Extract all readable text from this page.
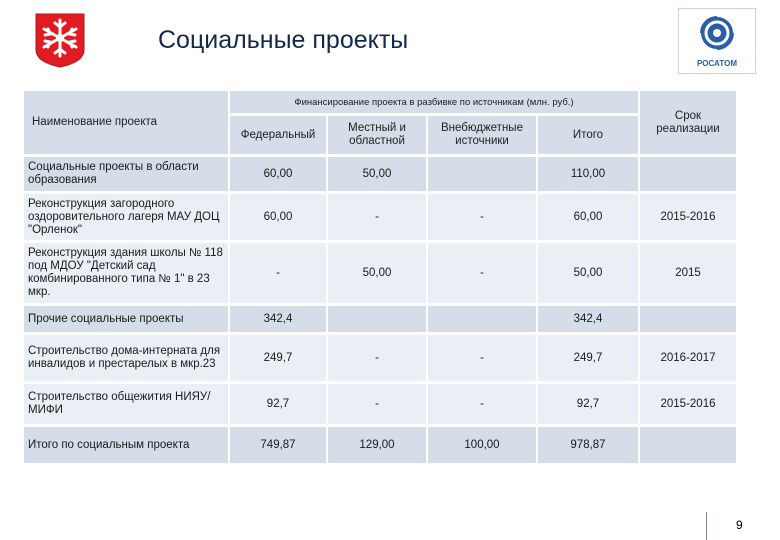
Социальные проекты
РОСАТОМ
Наименование проекта	Финансирование проекта в разбивке по источникам (млн. руб.)				Срок реализации
	Федеральный	Местный и областной	Внебюджетные источники	Итого	
Социальные проекты в области образования	60,00	50,00		110,00	
Реконструкция загородного оздоровительного лагеря МАУ ДОЦ "Орленок"	60,00	-	-	60,00	2015-2016
Реконструкция здания школы № 118 под МДОУ "Детский сад комбинированного типа № 1" в 23 мкр.	-	50,00	-	50,00	2015
Прочие социальные проекты	342,4			342,4	
Строительство дома-интерната для инвалидов и престарелых в мкр.23	249,7	-	-	249,7	2016-2017
Строительство общежития НИЯУ/МИФИ	92,7	-	-	92,7	2015-2016
Итого по социальным проекта	749,87	129,00	100,00	978,87	
9
